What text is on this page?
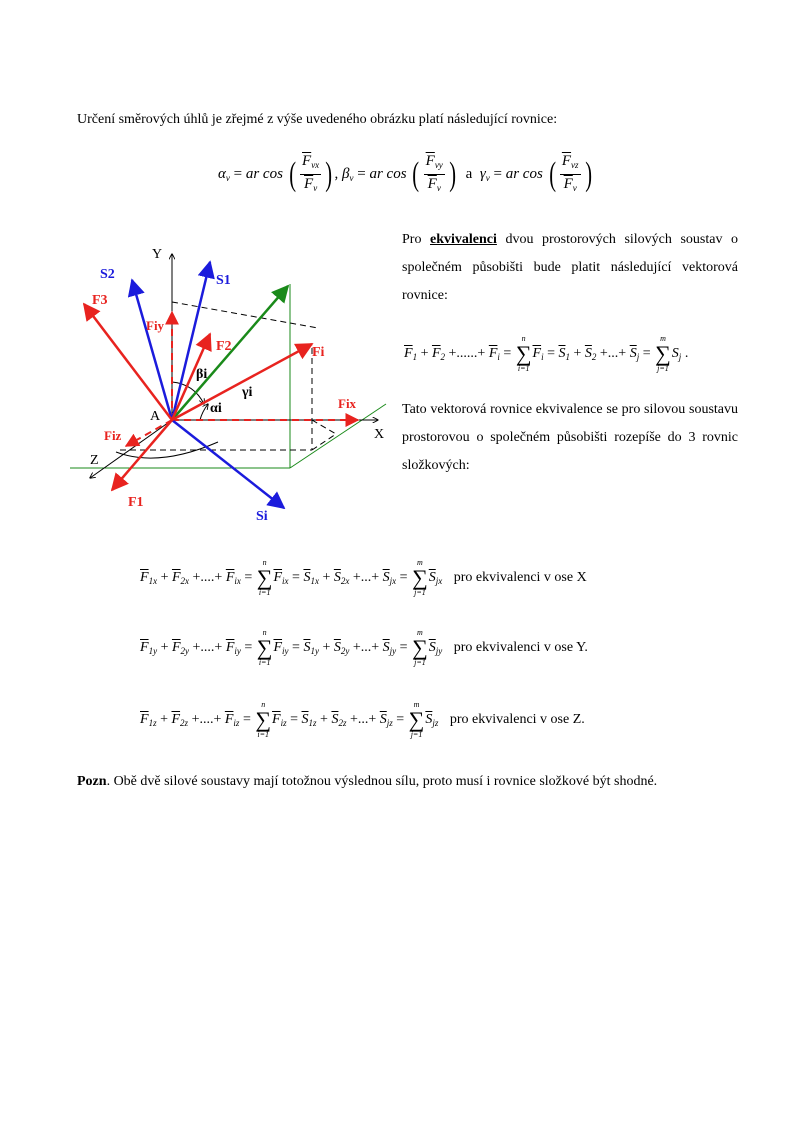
Určení směrových úhlů je zřejmé z výše uvedeného obrázku platí následující rovnice:
$\alpha_v$ = ar cos ( $\frac{\overline{F}_{vx}}{\overline{F}_v}$ ) , $\beta_v$ = ar cos ( $\frac{\overline{F}_{vy}}{\overline{F}_v}$ ) a $\gamma_v$ = ar cos ( $\frac{\overline{F}_{vz}}{\overline{F}_v}$ )
Y
X
Z
A
S2	S1
F3
Fiy
F2	Fi
βi
γi
αi	Fix
Fiz
F1
Si
Pro ekvivalenci dvou prostorových silových soustav o společném působišti bude platit následující vektorová rovnice:
$\overline{F}_1 + \overline{F}_2$ +......+ $\overline{F}_i$ =
n
∑
i=1
$\overline{F}_i = \overline{S}_1 + \overline{S}_2$ +...+ $\overline{S}_j$ =
m
∑
j=1
$S_j$ .
Tato vektorová rovnice ekvivalence se pro silovou soustavu prostorovou o společném působišti rozepíše do 3 rovnic složkových:
$\overline{F}_{1x} + \overline{F}_{2x}$ +....+ $\overline{F}_{ix}$ =
n
∑
i=1
$\overline{F}_{ix} = \overline{S}_{1x} + \overline{S}_{2x}$ +...+ $\overline{S}_{jx}$ =
m
∑
j=1
$\overline{S}_{jx}$ pro ekvivalenci v ose X
$\overline{F}_{1y} + \overline{F}_{2y}$ +....+ $\overline{F}_{iy}$ =
n
∑
i=1
$\overline{F}_{iy} = \overline{S}_{1y} + \overline{S}_{2y}$ +...+ $\overline{S}_{jy}$ =
m
∑
j=1
$\overline{S}_{jy}$ pro ekvivalenci v ose Y.
$\overline{F}_{1z} + \overline{F}_{2z}$ +....+ $\overline{F}_{iz}$ =
n
∑
i=1
$\overline{F}_{iz} = \overline{S}_{1z} + \overline{S}_{2z}$ +...+ $\overline{S}_{jz}$ =
m
∑
j=1
$\overline{S}_{jz}$ pro ekvivalenci v ose Z.
Pozn. Obě dvě silové soustavy mají totožnou výslednou sílu, proto musí i rovnice složkové být shodné.
